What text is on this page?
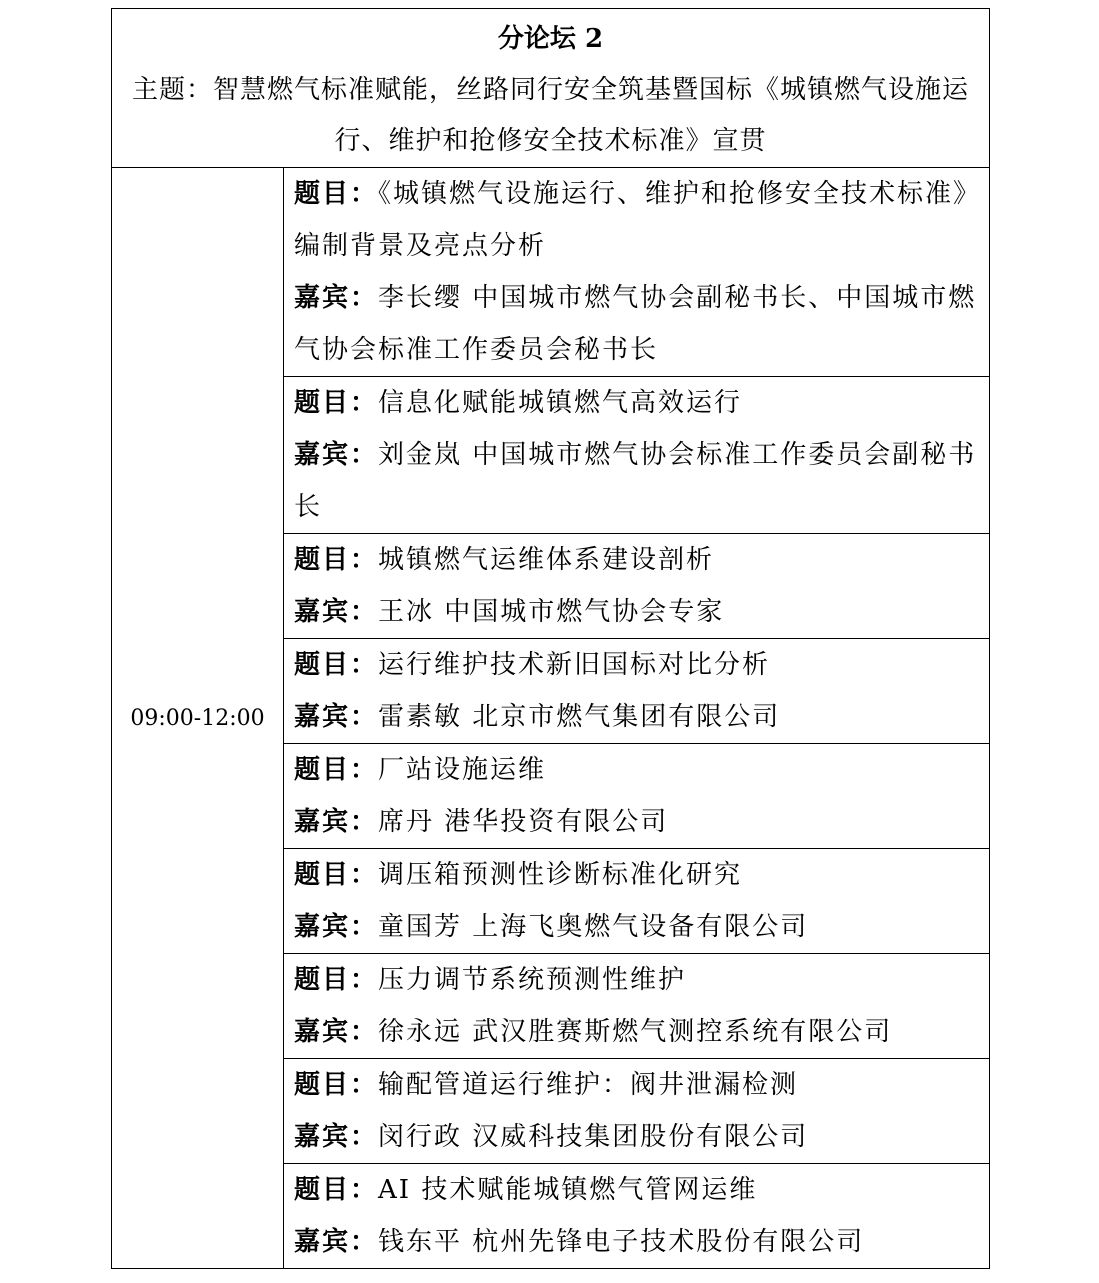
分论坛 2
主题：智慧燃气标准赋能，丝路同行安全筑基暨国标《城镇燃气设施运行、维护和抢修安全技术标准》宣贯

09:00-12:00	
题目：《城镇燃气设施运行、维护和抢修安全技术标准》编制背景及亮点分析
嘉宾：李长缨 中国城市燃气协会副秘书长、中国城市燃气协会标准工作委员会秘书长

题目：信息化赋能城镇燃气高效运行
嘉宾：刘金岚 中国城市燃气协会标准工作委员会副秘书长

题目：城镇燃气运维体系建设剖析
嘉宾：王冰 中国城市燃气协会专家

题目：运行维护技术新旧国标对比分析
嘉宾：雷素敏 北京市燃气集团有限公司

题目：厂站设施运维
嘉宾：席丹 港华投资有限公司

题目：调压箱预测性诊断标准化研究
嘉宾：童国芳 上海飞奥燃气设备有限公司

题目：压力调节系统预测性维护
嘉宾：徐永远 武汉胜赛斯燃气测控系统有限公司

题目：输配管道运行维护：阀井泄漏检测
嘉宾：闵行政 汉威科技集团股份有限公司

题目：AI 技术赋能城镇燃气管网运维
嘉宾：钱东平 杭州先锋电子技术股份有限公司
